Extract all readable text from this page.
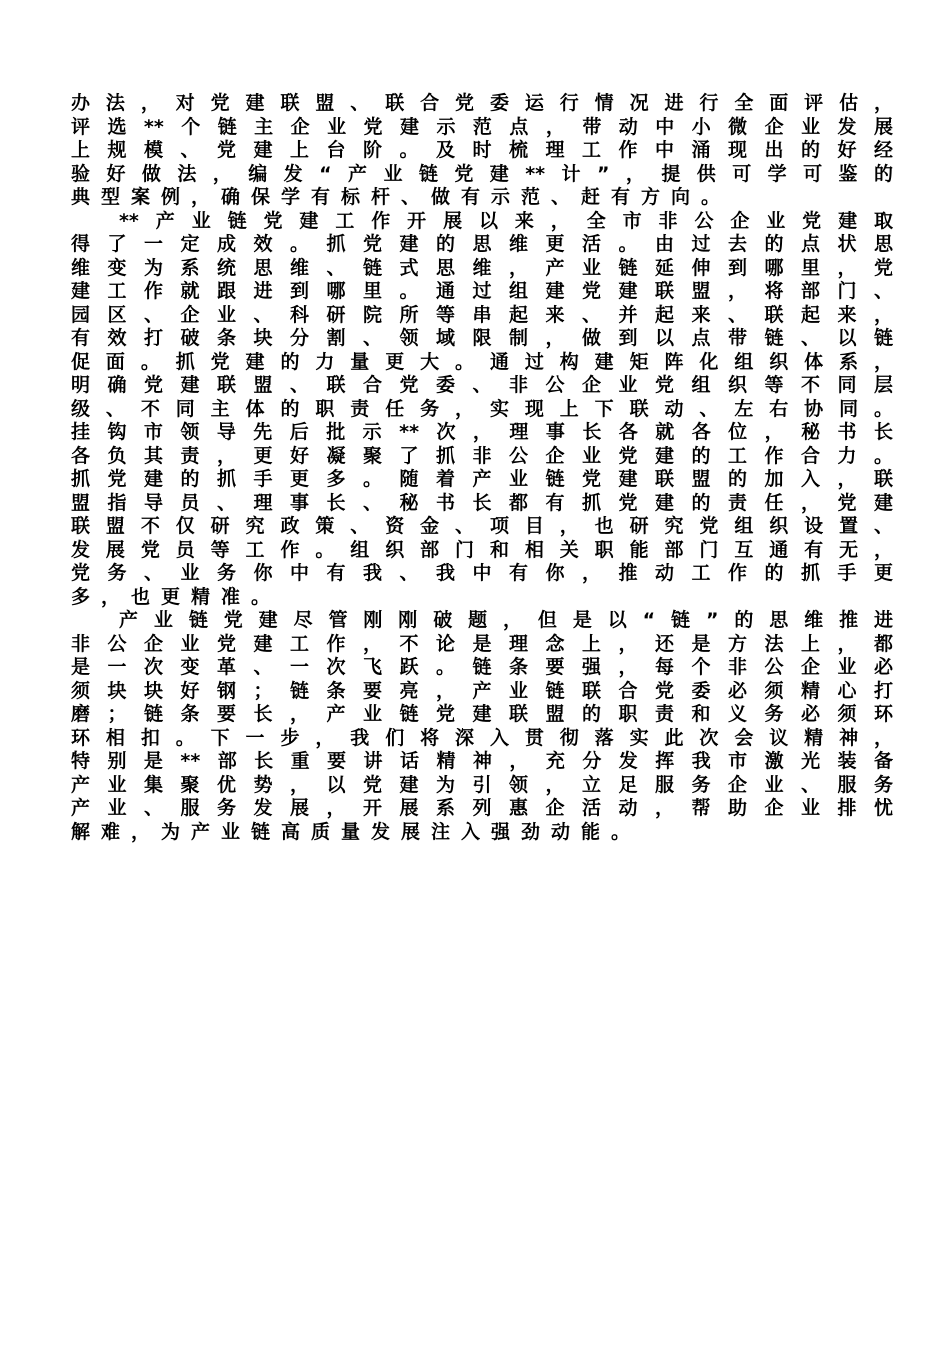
办法，对党建联盟、联合党委运行情况进行全面评估，
评选**个链主企业党建示范点，带动中小微企业发展
上规模、党建上台阶。及时梳理工作中涌现出的好经
验好做法，编发“产业链党建**计”，提供可学可鉴的
典型案例，确保学有标杆、做有示范、赶有方向。
**产业链党建工作开展以来，全市非公企业党建取
得了一定成效。抓党建的思维更活。由过去的点状思
维变为系统思维、链式思维，产业链延伸到哪里，党
建工作就跟进到哪里。通过组建党建联盟，将部门、
园区、企业、科研院所等串起来、并起来、联起来，
有效打破条块分割、领域限制，做到以点带链、以链
促面。抓党建的力量更大。通过构建矩阵化组织体系，
明确党建联盟、联合党委、非公企业党组织等不同层
级、不同主体的职责任务，实现上下联动、左右协同。
挂钩市领导先后批示**次，理事长各就各位，秘书长
各负其责，更好凝聚了抓非公企业党建的工作合力。
抓党建的抓手更多。随着产业链党建联盟的加入，联
盟指导员、理事长、秘书长都有抓党建的责任，党建
联盟不仅研究政策、资金、项目，也研究党组织设置、
发展党员等工作。组织部门和相关职能部门互通有无，
党务、业务你中有我、我中有你，推动工作的抓手更
多，也更精准。
产业链党建尽管刚刚破题，但是以“链”的思维推进
非公企业党建工作，不论是理念上，还是方法上，都
是一次变革、一次飞跃。链条要强，每个非公企业必
须块块好钢；链条要亮，产业链联合党委必须精心打
磨；链条要长，产业链党建联盟的职责和义务必须环
环相扣。下一步，我们将深入贯彻落实此次会议精神，
特别是**部长重要讲话精神，充分发挥我市激光装备
产业集聚优势，以党建为引领，立足服务企业、服务
产业、服务发展，开展系列惠企活动，帮助企业排忧
解难，为产业链高质量发展注入强劲动能。
